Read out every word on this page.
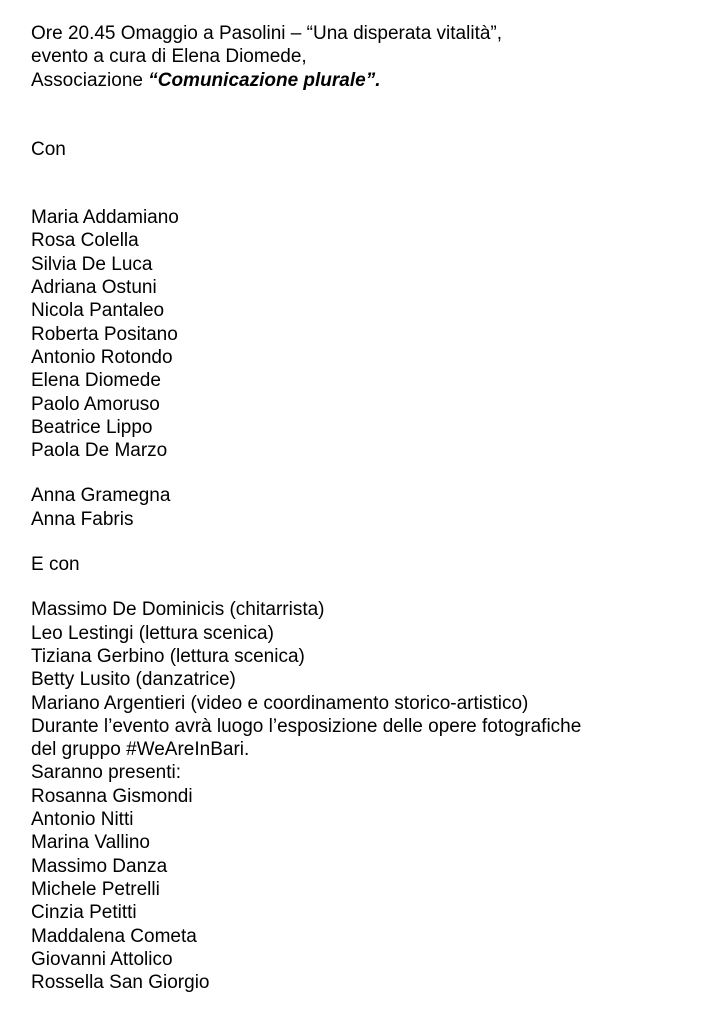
Ore 20.45 Omaggio a Pasolini – “Una disperata vitalità”,
evento a cura di Elena Diomede,
Associazione “Comunicazione plurale”.
Con
Maria Addamiano
Rosa Colella
Silvia De Luca
Adriana Ostuni
Nicola Pantaleo
Roberta Positano
Antonio Rotondo
Elena Diomede
Paolo Amoruso
Beatrice Lippo
Paola De Marzo
Anna Gramegna
Anna Fabris
E con
Massimo De Dominicis (chitarrista)
Leo Lestingi (lettura scenica)
Tiziana Gerbino (lettura scenica)
Betty Lusito (danzatrice)
Mariano Argentieri (video e coordinamento storico-artistico)
Durante l’evento avrà luogo l’esposizione delle opere fotografiche
del gruppo #WeAreInBari.
Saranno presenti:
Rosanna Gismondi
Antonio Nitti
Marina Vallino
Massimo Danza
Michele Petrelli
Cinzia Petitti
Maddalena Cometa
Giovanni Attolico
Rossella San Giorgio
